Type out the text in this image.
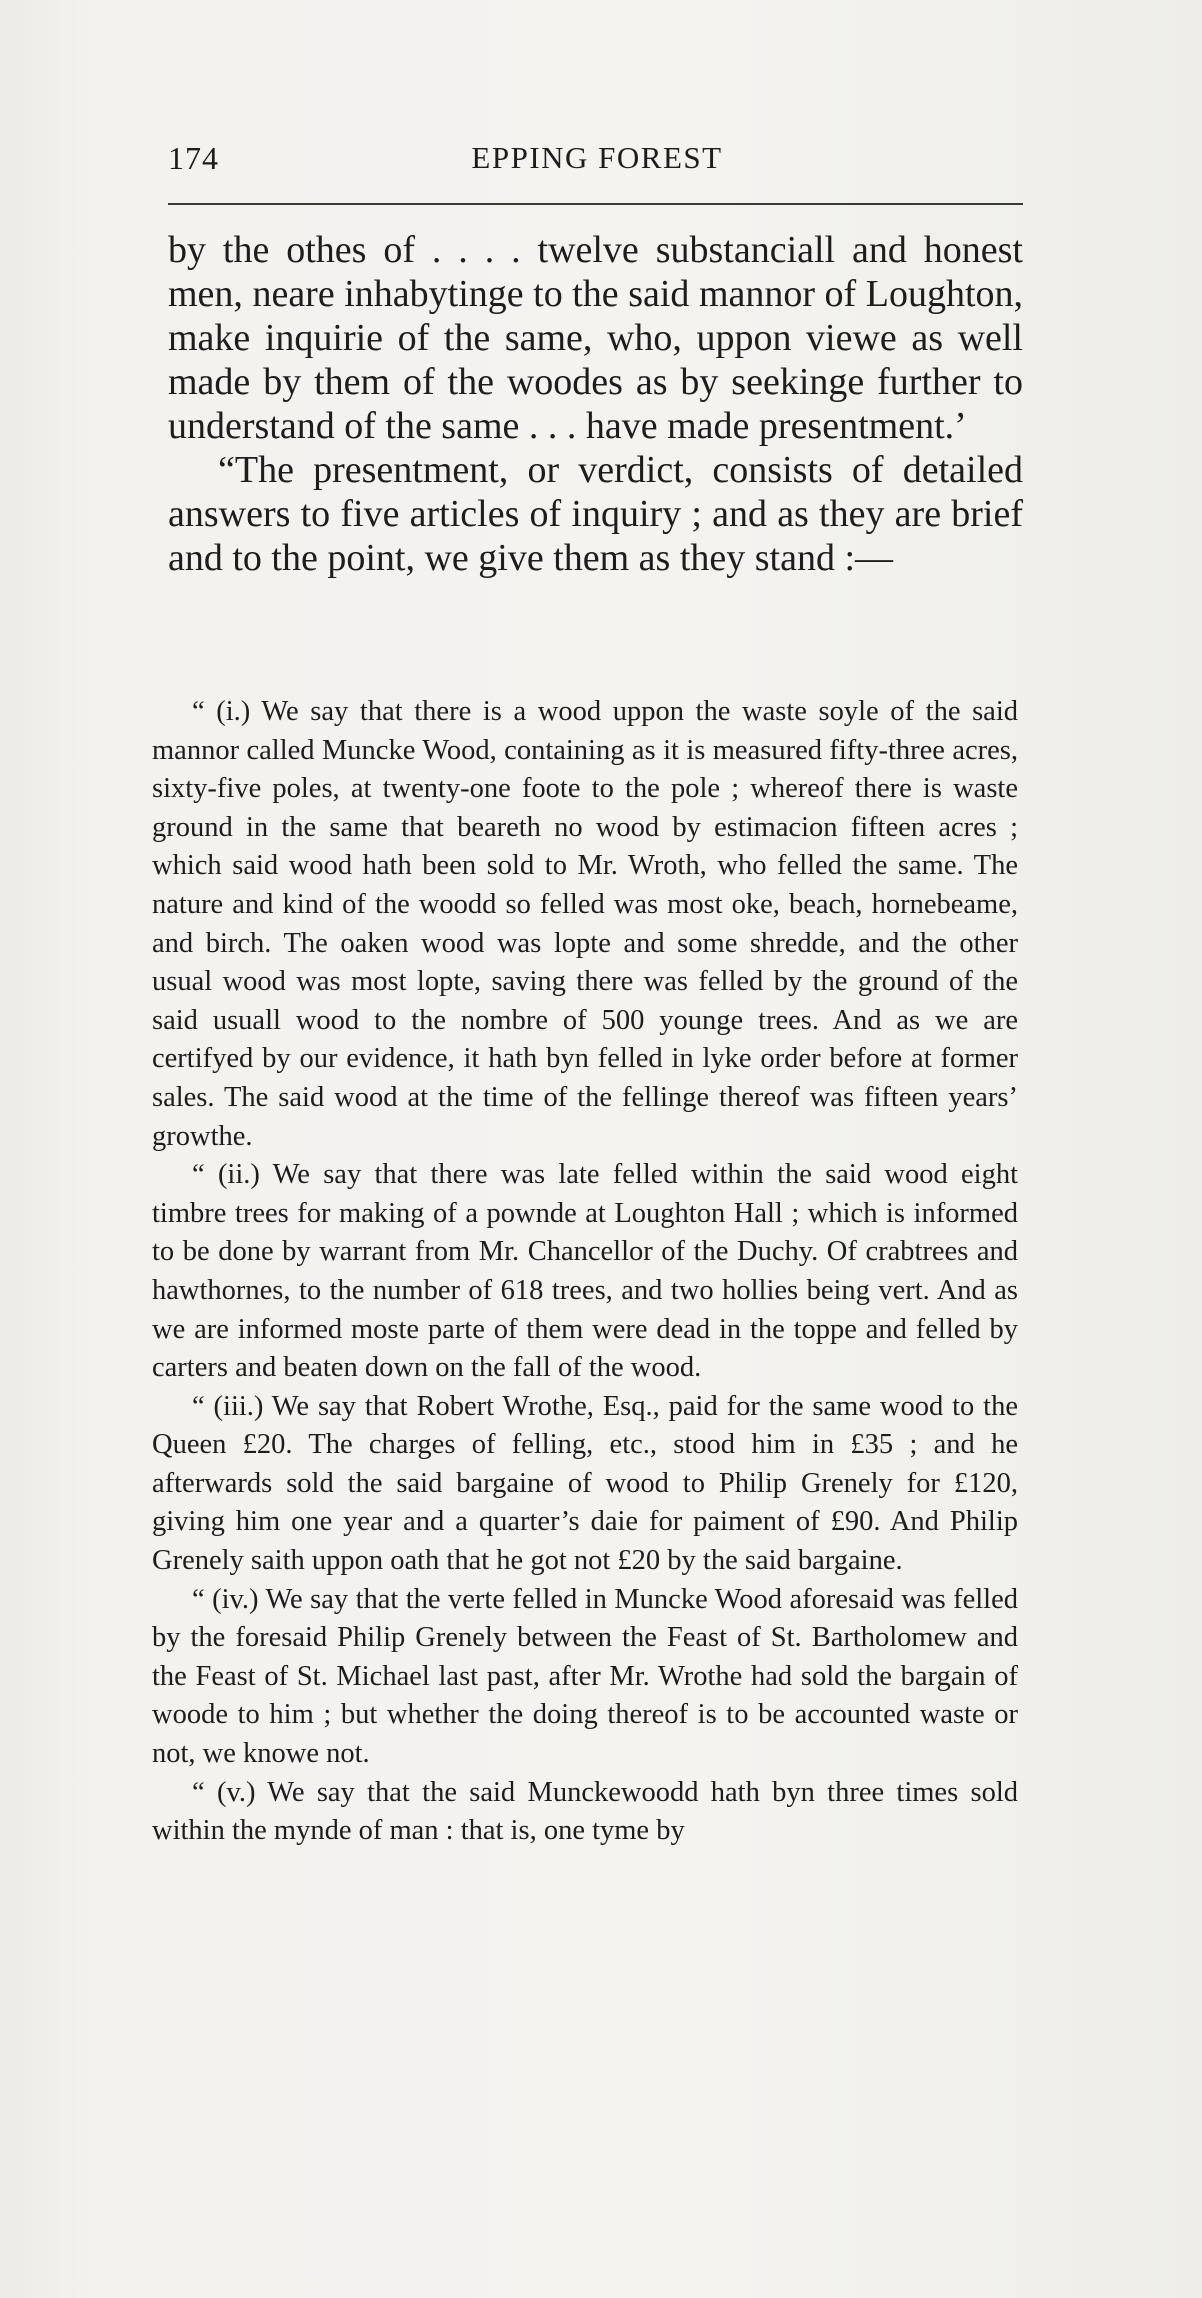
174	EPPING FOREST

by the othes of . . . . twelve substanciall and honest men, neare inhabytinge to the said mannor of Loughton, make inquirie of the same, who, uppon viewe as well made by them of the woodes as by seekinge further to understand of the same . . . have made presentment.’

“The presentment, or verdict, consists of detailed answers to five articles of inquiry ; and as they are brief and to the point, we give them as they stand :—

“ (i.) We say that there is a wood uppon the waste soyle of the said mannor called Muncke Wood, containing as it is measured fifty-three acres, sixty-five poles, at twenty-one foote to the pole ; whereof there is waste ground in the same that beareth no wood by estimacion fifteen acres ; which said wood hath been sold to Mr. Wroth, who felled the same. The nature and kind of the woodd so felled was most oke, beach, hornebeame, and birch. The oaken wood was lopte and some shredde, and the other usual wood was most lopte, saving there was felled by the ground of the said usuall wood to the nombre of 500 younge trees. And as we are certifyed by our evidence, it hath byn felled in lyke order before at former sales. The said wood at the time of the fellinge thereof was fifteen years’ growthe.

“ (ii.) We say that there was late felled within the said wood eight timbre trees for making of a pownde at Loughton Hall ; which is informed to be done by warrant from Mr. Chancellor of the Duchy. Of crabtrees and hawthornes, to the number of 618 trees, and two hollies being vert. And as we are informed moste parte of them were dead in the toppe and felled by carters and beaten down on the fall of the wood.

“ (iii.) We say that Robert Wrothe, Esq., paid for the same wood to the Queen £20. The charges of felling, etc., stood him in £35 ; and he afterwards sold the said bargaine of wood to Philip Grenely for £120, giving him one year and a quarter’s daie for paiment of £90. And Philip Grenely saith uppon oath that he got not £20 by the said bargaine.

“ (iv.) We say that the verte felled in Muncke Wood aforesaid was felled by the foresaid Philip Grenely between the Feast of St. Bartholomew and the Feast of St. Michael last past, after Mr. Wrothe had sold the bargain of woode to him ; but whether the doing thereof is to be accounted waste or not, we knowe not.

“ (v.) We say that the said Munckewoodd hath byn three times sold within the mynde of man : that is, one tyme by
